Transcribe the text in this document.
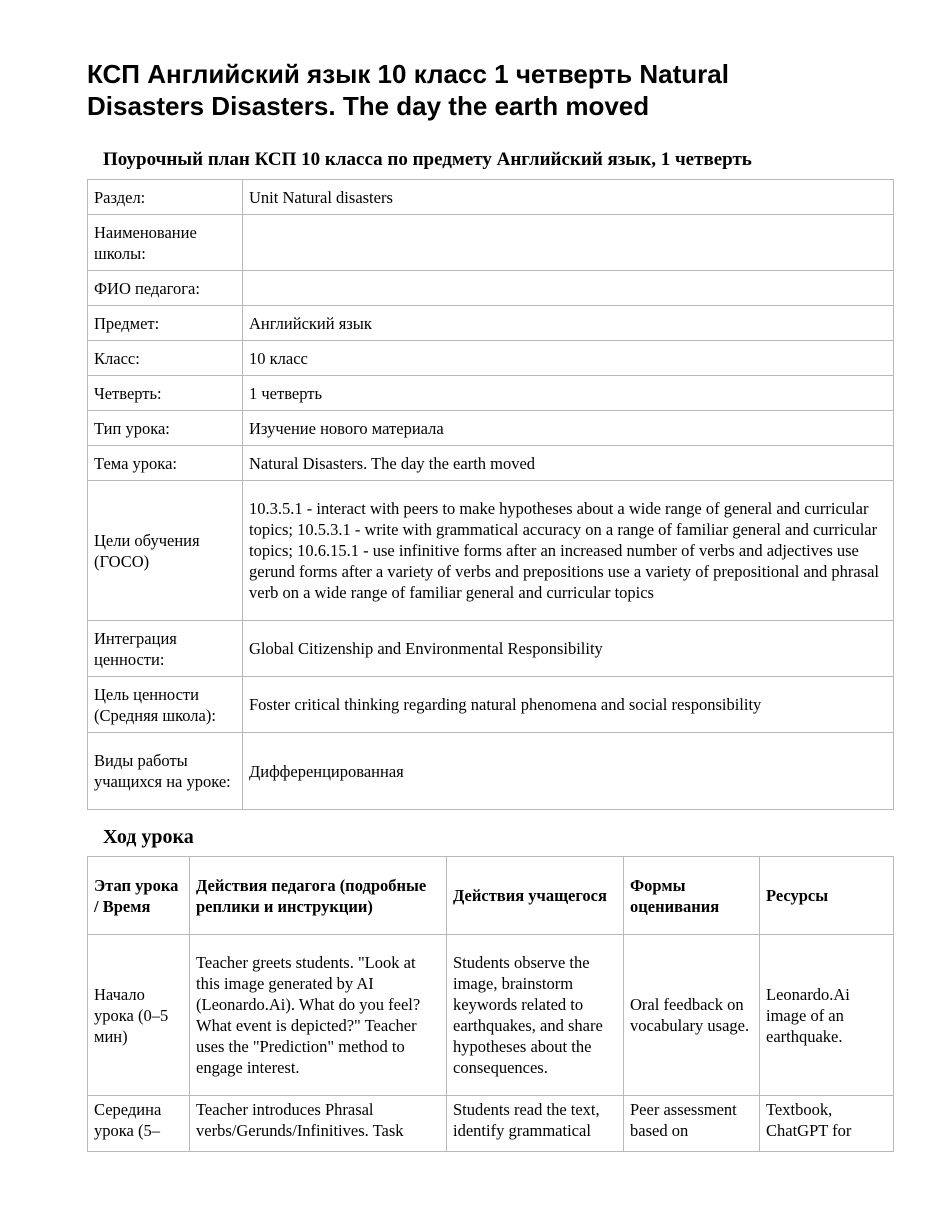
КСП Английский язык 10 класс 1 четверть Natural Disasters Disasters. The day the earth moved
Поурочный план КСП 10 класса по предмету Английский язык, 1 четверть
Раздел:	Unit Natural disasters
Наименование школы:	
ФИО педагога:	
Предмет:	Английский язык
Класс:	10 класс
Четверть:	1 четверть
Тип урока:	Изучение нового материала
Тема урока:	Natural Disasters. The day the earth moved
Цели обучения (ГОСО)	10.3.5.1 - interact with peers to make hypotheses about a wide range of general and curricular topics; 10.5.3.1 - write with grammatical accuracy on a range of familiar general and curricular topics; 10.6.15.1 - use infinitive forms after an increased number of verbs and adjectives use gerund forms after a variety of verbs and prepositions use a variety of prepositional and phrasal verb on a wide range of familiar general and curricular topics
Интеграция ценности:	Global Citizenship and Environmental Responsibility
Цель ценности (Средняя школа):	Foster critical thinking regarding natural phenomena and social responsibility
Виды работы учащихся на уроке:	Дифференцированная
Ход урока
Этап урока / Время	Действия педагога (подробные реплики и инструкции)	Действия учащегося	Формы оценивания	Ресурсы
Начало урока (0–5 мин)	Teacher greets students. "Look at this image generated by AI (Leonardo.Ai). What do you feel? What event is depicted?" Teacher uses the "Prediction" method to engage interest.	Students observe the image, brainstorm keywords related to earthquakes, and share hypotheses about the consequences.	Oral feedback on vocabulary usage.	Leonardo.Ai image of an earthquake.
Середина урока (5–	Teacher introduces Phrasal verbs/Gerunds/Infinitives. Task	Students read the text, identify grammatical	Peer assessment based on	Textbook, ChatGPT for
